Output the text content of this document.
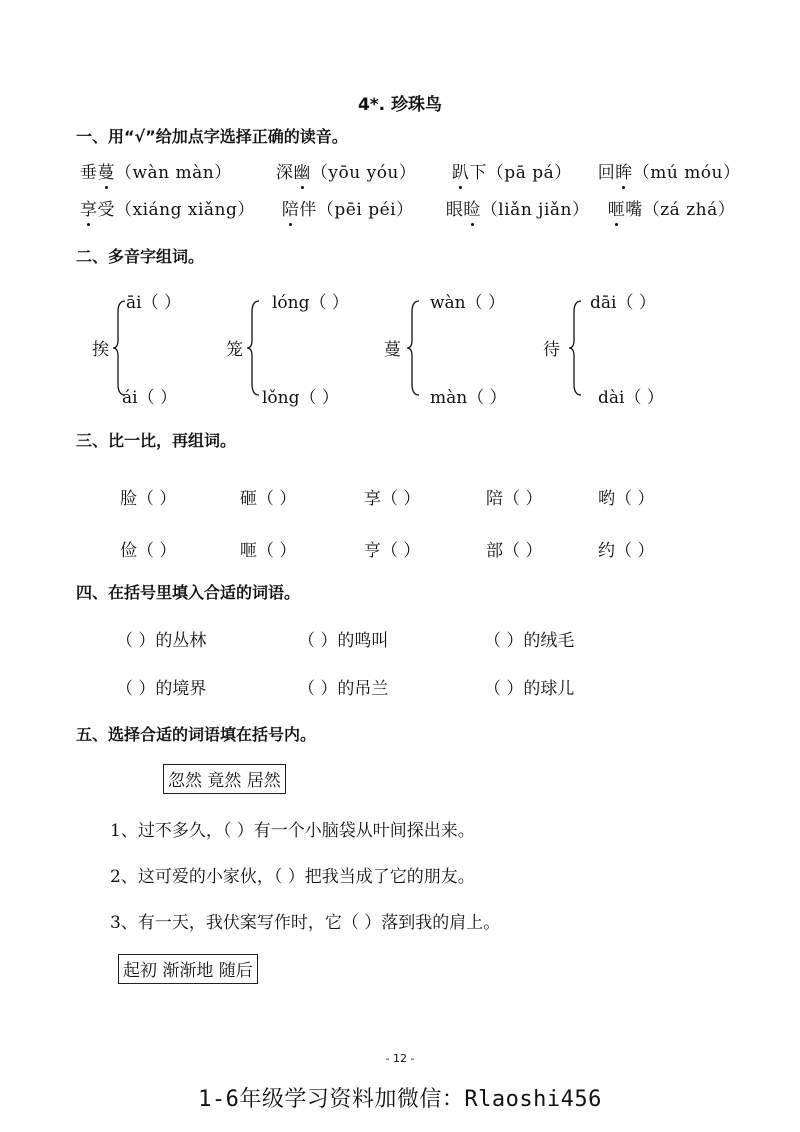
4*. 珍珠鸟
一、用“√”给加点字选择正确的读音。
垂蔓（wàn màn）	深幽（yōu yóu） 趴下（pā pá） 回眸（mú móu）
享受（xiáng xiǎng） 陪伴（pēi péi） 眼睑（liǎn jiǎn） 咂嘴（zá zhá）
二、多音字组词。
āi（ ）
挨
ái（ ）
lóng（ ）
笼
lǒng（ ）
wàn（ ）
蔓
màn（ ）
dāi（ ）
待
dài（ ）
三、比一比，再组词。
脸（ ）	砸（ ）	享（ ）	陪（ ）	哟（ ）
俭（ ）	咂（ ）	亨（ ）	部（ ）	约（ ）
四、在括号里填入合适的词语。
（ ）的丛林	（ ）的鸣叫	（ ）的绒毛
（ ）的境界	（ ）的吊兰	（ ）的球儿
五、选择合适的词语填在括号内。
忽然 竟然 居然
1、过不多久，（ ）有一个小脑袋从叶间探出来。
2、这可爱的小家伙，（ ）把我当成了它的朋友。
3、有一天，我伏案写作时，它（ ）落到我的肩上。
起初 渐渐地 随后
- 12 -
1-6年级学习资料加微信：Rlaoshi456
